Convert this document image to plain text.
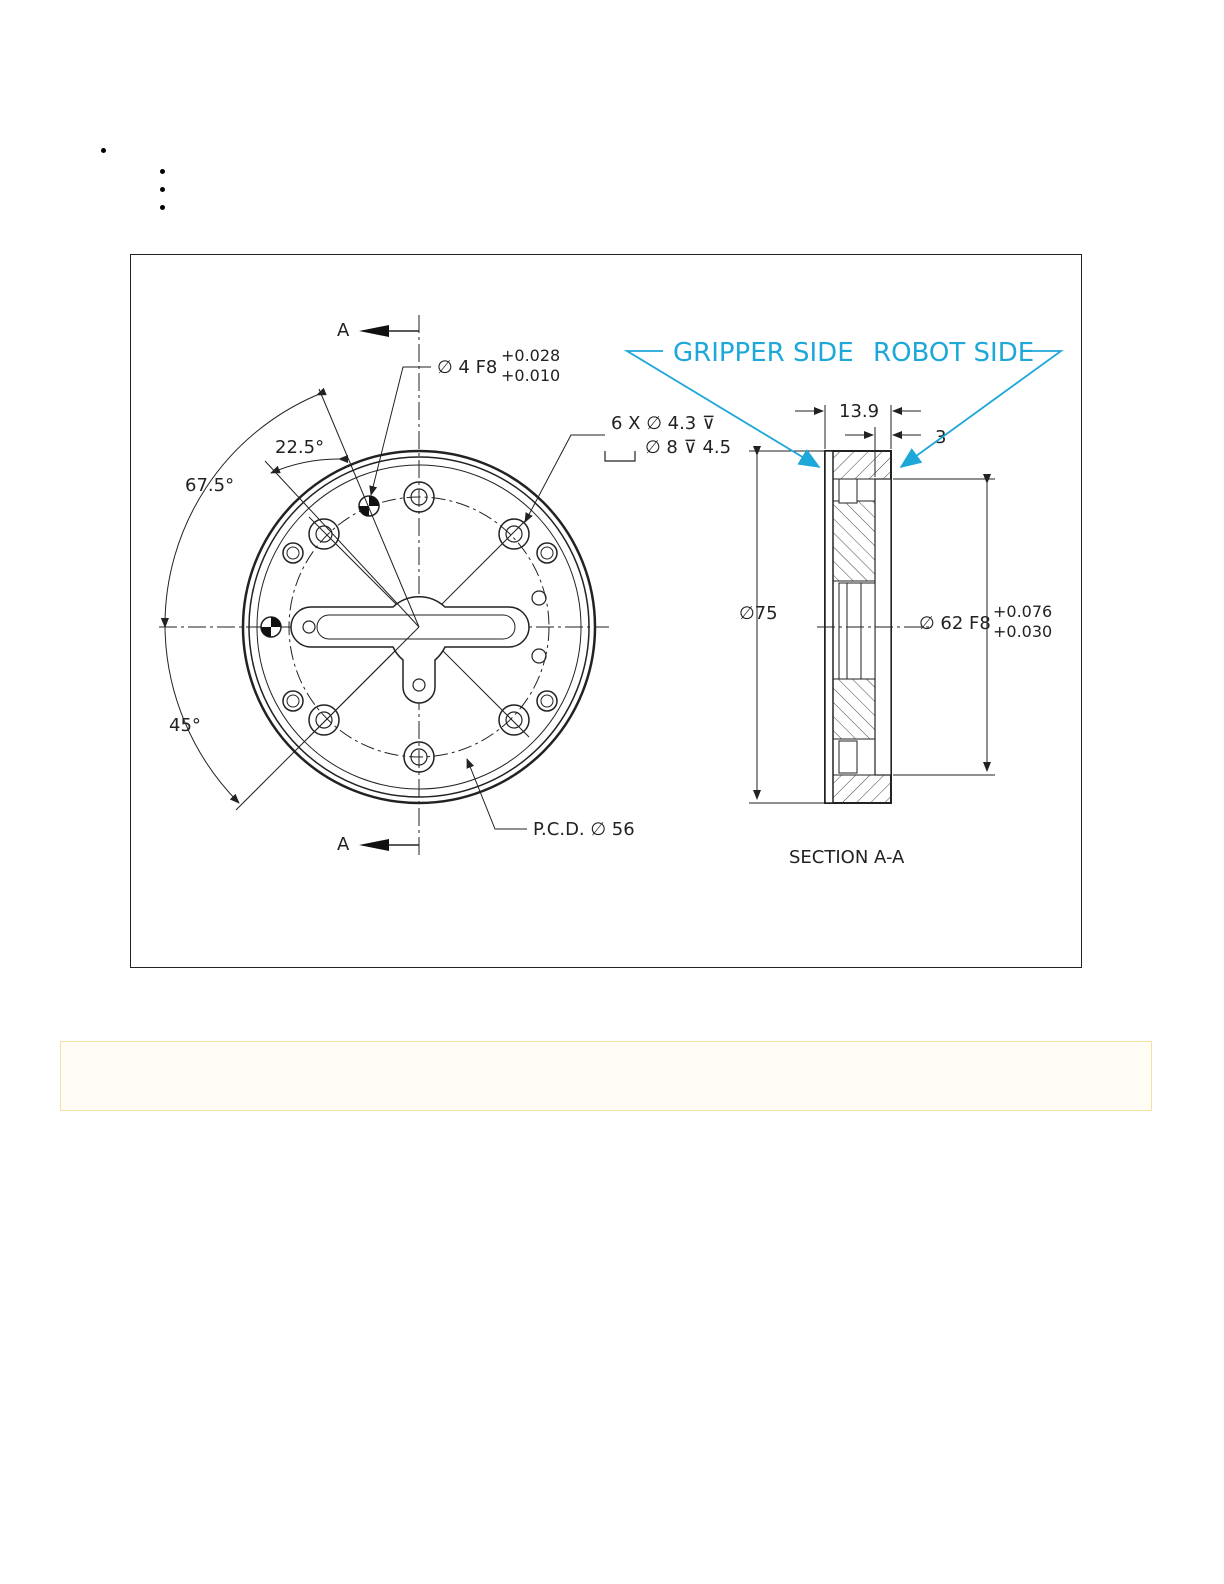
A
A
∅ 4 F8
+0.028
+0.010
6 X ∅ 4.3 ⊽
∅ 8 ⊽ 4.5
22.5°
67.5°
45°
P.C.D. ∅ 56
13.9
3
∅75	∅ 62 F8
+0.076
+0.030
SECTION A-A
GRIPPER SIDE ROBOT SIDE
